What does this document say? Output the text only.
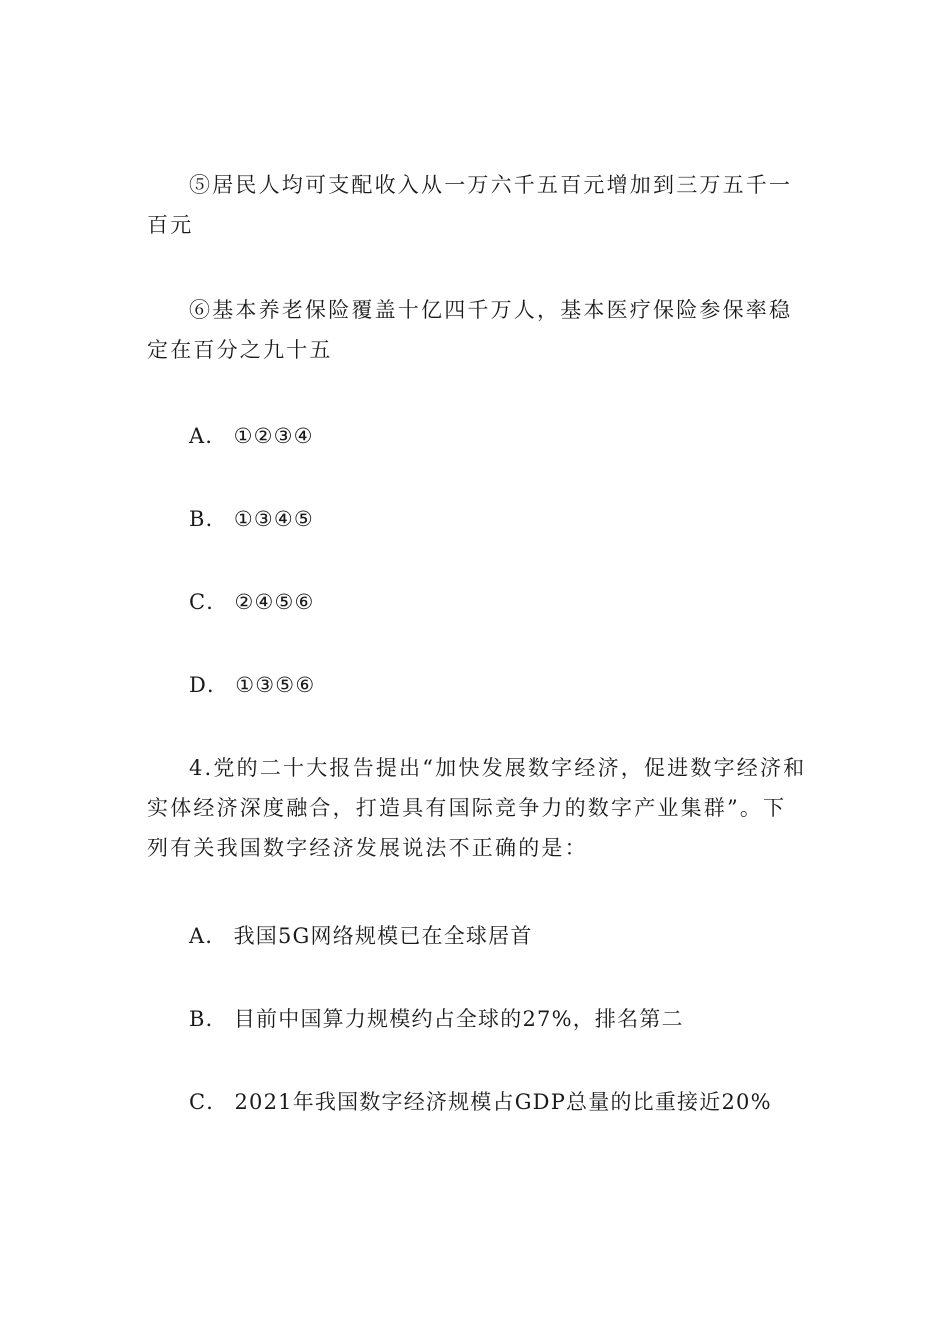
⑤居民人均可支配收入从一万六千五百元增加到三万五千一百元

⑥基本养老保险覆盖十亿四千万人，基本医疗保险参保率稳定在百分之九十五

A． ①②③④
B． ①③④⑤
C． ②④⑤⑥
D． ①③⑤⑥

4.党的二十大报告提出“加快发展数字经济，促进数字经济和实体经济深度融合，打造具有国际竞争力的数字产业集群”。下列有关我国数字经济发展说法不正确的是：

A． 我国5G网络规模已在全球居首
B． 目前中国算力规模约占全球的27%，排名第二
C． 2021年我国数字经济规模占GDP总量的比重接近20%
